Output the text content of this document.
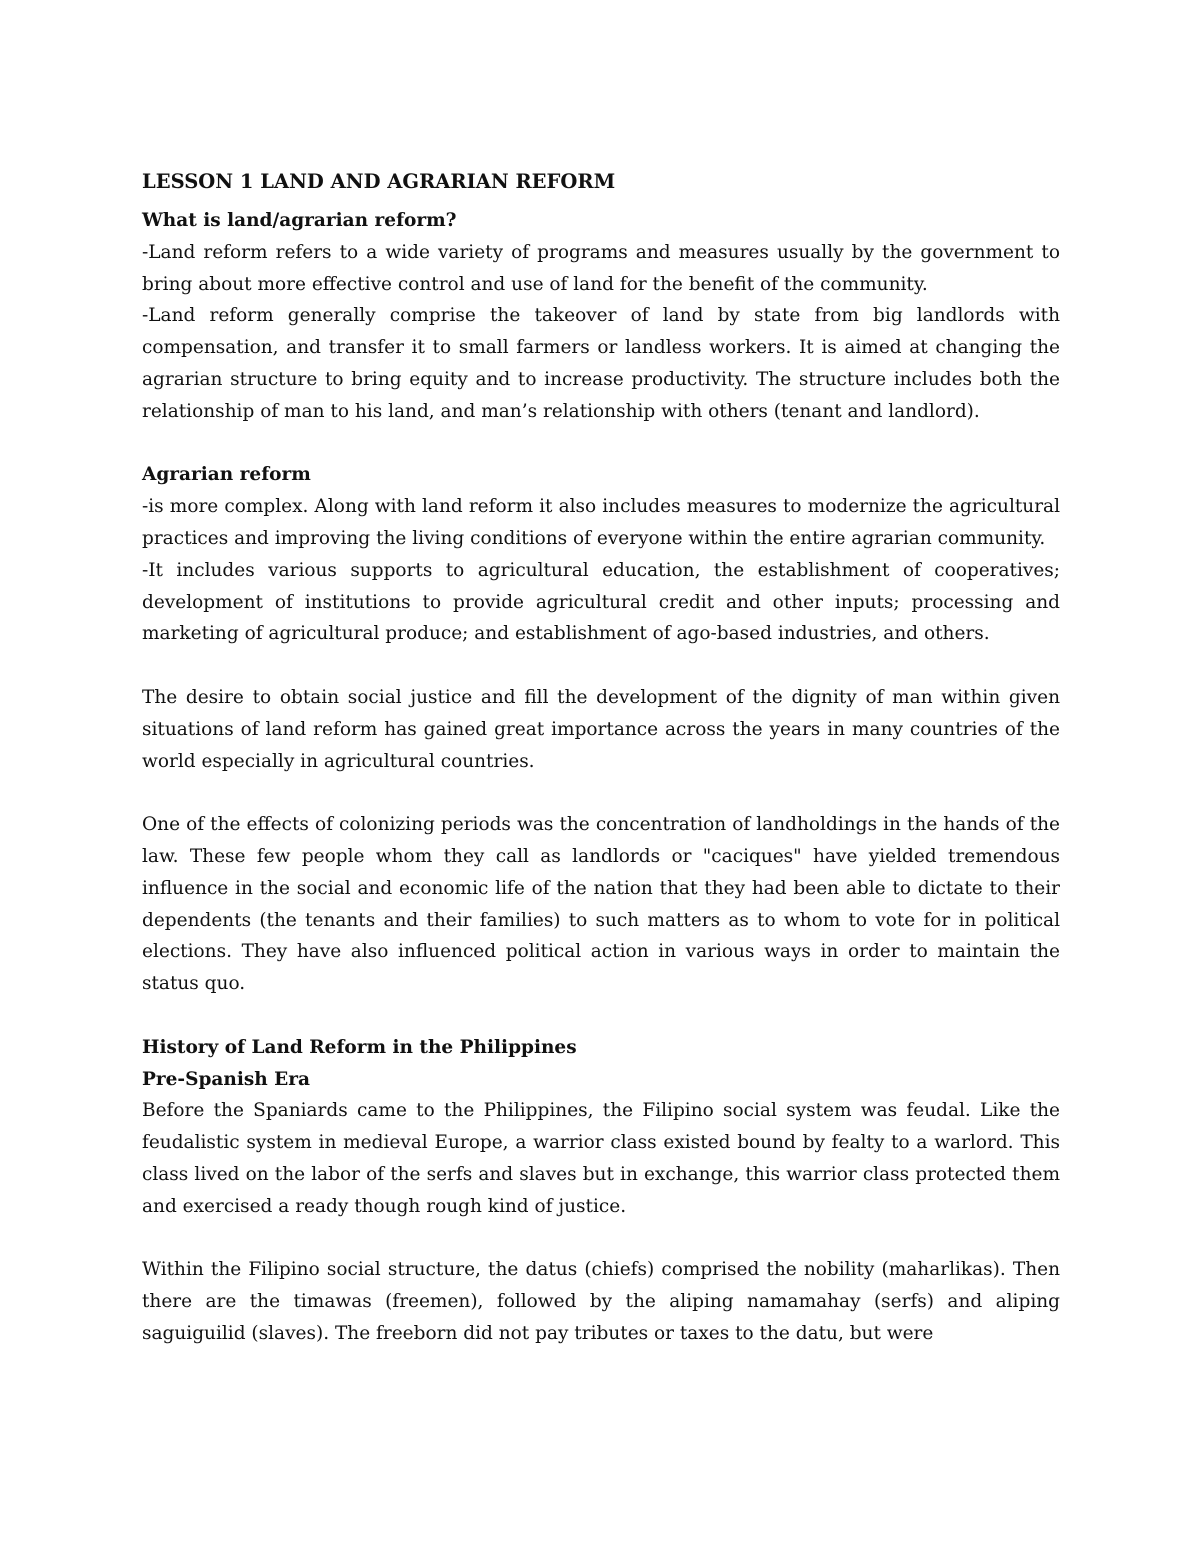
LESSON 1 LAND AND AGRARIAN REFORM

What is land/agrarian reform?

-Land reform refers to a wide variety of programs and measures usually by the government to bring about more effective control and use of land for the benefit of the community.

-Land reform generally comprise the takeover of land by state from big landlords with compensation, and transfer it to small farmers or landless workers. It is aimed at changing the agrarian structure to bring equity and to increase productivity. The structure includes both the relationship of man to his land, and man’s relationship with others (tenant and landlord).

Agrarian reform

-is more complex. Along with land reform it also includes measures to modernize the agricultural practices and improving the living conditions of everyone within the entire agrarian community.

-It includes various supports to agricultural education, the establishment of cooperatives; development of institutions to provide agricultural credit and other inputs; processing and marketing of agricultural produce; and establishment of ago-based industries, and others.

The desire to obtain social justice and fill the development of the dignity of man within given situations of land reform has gained great importance across the years in many countries of the world especially in agricultural countries.

One of the effects of colonizing periods was the concentration of landholdings in the hands of the law. These few people whom they call as landlords or "caciques" have yielded tremendous influence in the social and economic life of the nation that they had been able to dictate to their dependents (the tenants and their families) to such matters as to whom to vote for in political elections. They have also influenced political action in various ways in order to maintain the status quo.

History of Land Reform in the Philippines

Pre-Spanish Era

Before the Spaniards came to the Philippines, the Filipino social system was feudal. Like the feudalistic system in medieval Europe, a warrior class existed bound by fealty to a warlord. This class lived on the labor of the serfs and slaves but in exchange, this warrior class protected them and exercised a ready though rough kind of justice.

Within the Filipino social structure, the datus (chiefs) comprised the nobility (maharlikas). Then there are the timawas (freemen), followed by the aliping namamahay (serfs) and aliping saguiguilid (slaves). The freeborn did not pay tributes or taxes to the datu, but were
